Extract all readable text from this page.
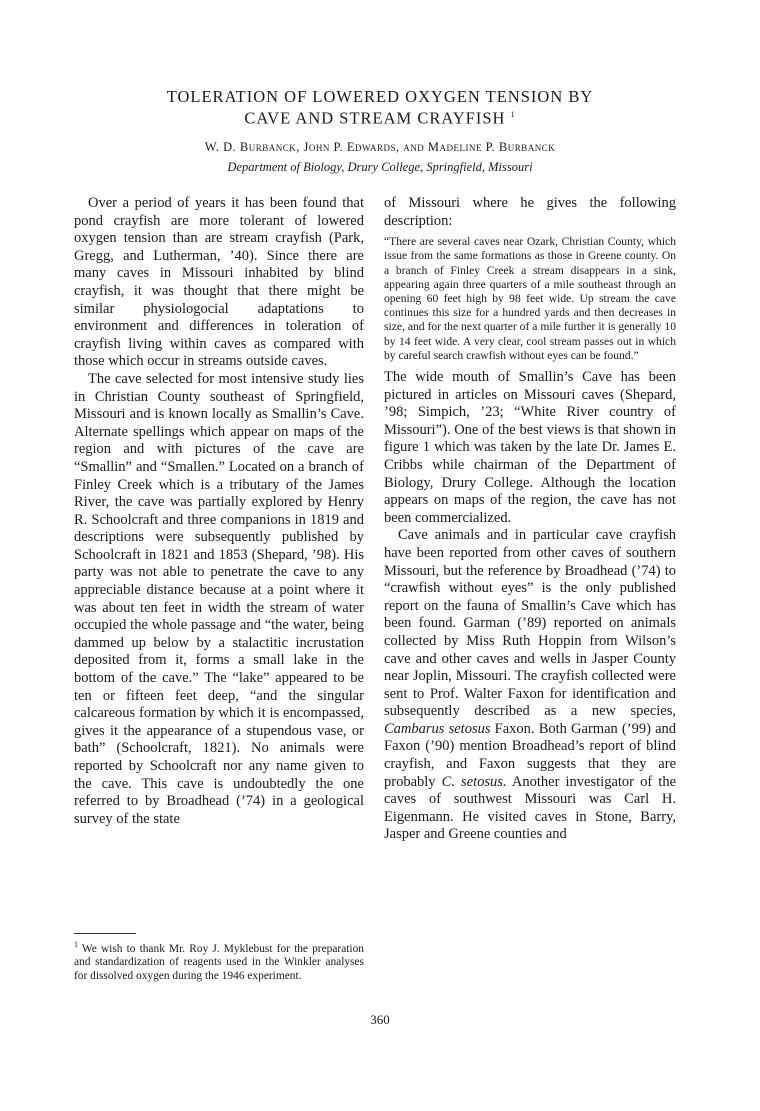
TOLERATION OF LOWERED OXYGEN TENSION BY
CAVE AND STREAM CRAYFISH $^1$
W. D. Burbanck, John P. Edwards, and Madeline P. Burbanck
Department of Biology, Drury College, Springfield, Missouri

Over a period of years it has been found that pond crayfish are more tolerant of lowered oxygen tension than are stream crayfish (Park, Gregg, and Lutherman, ’40). Since there are many caves in Missouri inhabited by blind crayfish, it was thought that there might be similar physiologocial adaptations to environment and differences in toleration of crayfish living within caves as compared with those which occur in streams outside caves.

The cave selected for most intensive study lies in Christian County southeast of Springfield, Missouri and is known locally as Smallin’s Cave. Alternate spellings which appear on maps of the region and with pictures of the cave are “Smallin” and “Smallen.” Located on a branch of Finley Creek which is a tributary of the James River, the cave was partially explored by Henry R. Schoolcraft and three companions in 1819 and descriptions were subsequently published by Schoolcraft in 1821 and 1853 (Shepard, ’98). His party was not able to penetrate the cave to any appreciable distance because at a point where it was about ten feet in width the stream of water occupied the whole passage and “the water, being dammed up below by a stalactitic incrustation deposited from it, forms a small lake in the bottom of the cave.” The “lake” appeared to be ten or fifteen feet deep, “and the singular calcareous formation by which it is encompassed, gives it the appearance of a stupendous vase, or bath” (Schoolcraft, 1821). No animals were reported by Schoolcraft nor any name given to the cave. This cave is undoubtedly the one referred to by Broadhead (’74) in a geological survey of the state

of Missouri where he gives the following description:

“There are several caves near Ozark, Christian County, which issue from the same formations as those in Greene county. On a branch of Finley Creek a stream disappears in a sink, appearing again three quarters of a mile southeast through an opening 60 feet high by 98 feet wide. Up stream the cave continues this size for a hundred yards and then decreases in size, and for the next quarter of a mile further it is generally 10 by 14 feet wide. A very clear, cool stream passes out in which by careful search crawfish without eyes can be found.”

The wide mouth of Smallin’s Cave has been pictured in articles on Missouri caves (Shepard, ’98; Simpich, ’23; “White River country of Missouri”). One of the best views is that shown in figure 1 which was taken by the late Dr. James E. Cribbs while chairman of the Department of Biology, Drury College. Although the location appears on maps of the region, the cave has not been commercialized.

Cave animals and in particular cave crayfish have been reported from other caves of southern Missouri, but the reference by Broadhead (’74) to “crawfish without eyes” is the only published report on the fauna of Smallin’s Cave which has been found. Garman (’89) reported on animals collected by Miss Ruth Hoppin from Wilson’s cave and other caves and wells in Jasper County near Joplin, Missouri. The crayfish collected were sent to Prof. Walter Faxon for identification and subsequently described as a new species, Cambarus setosus Faxon. Both Garman (’99) and Faxon (’90) mention Broadhead’s report of blind crayfish, and Faxon suggests that they are probably C. setosus. Another investigator of the caves of southwest Missouri was Carl H. Eigenmann. He visited caves in Stone, Barry, Jasper and Greene counties and

$^1$ We wish to thank Mr. Roy J. Myklebust for the preparation and standardization of reagents used in the Winkler analyses for dissolved oxygen during the 1946 experiment.
360
